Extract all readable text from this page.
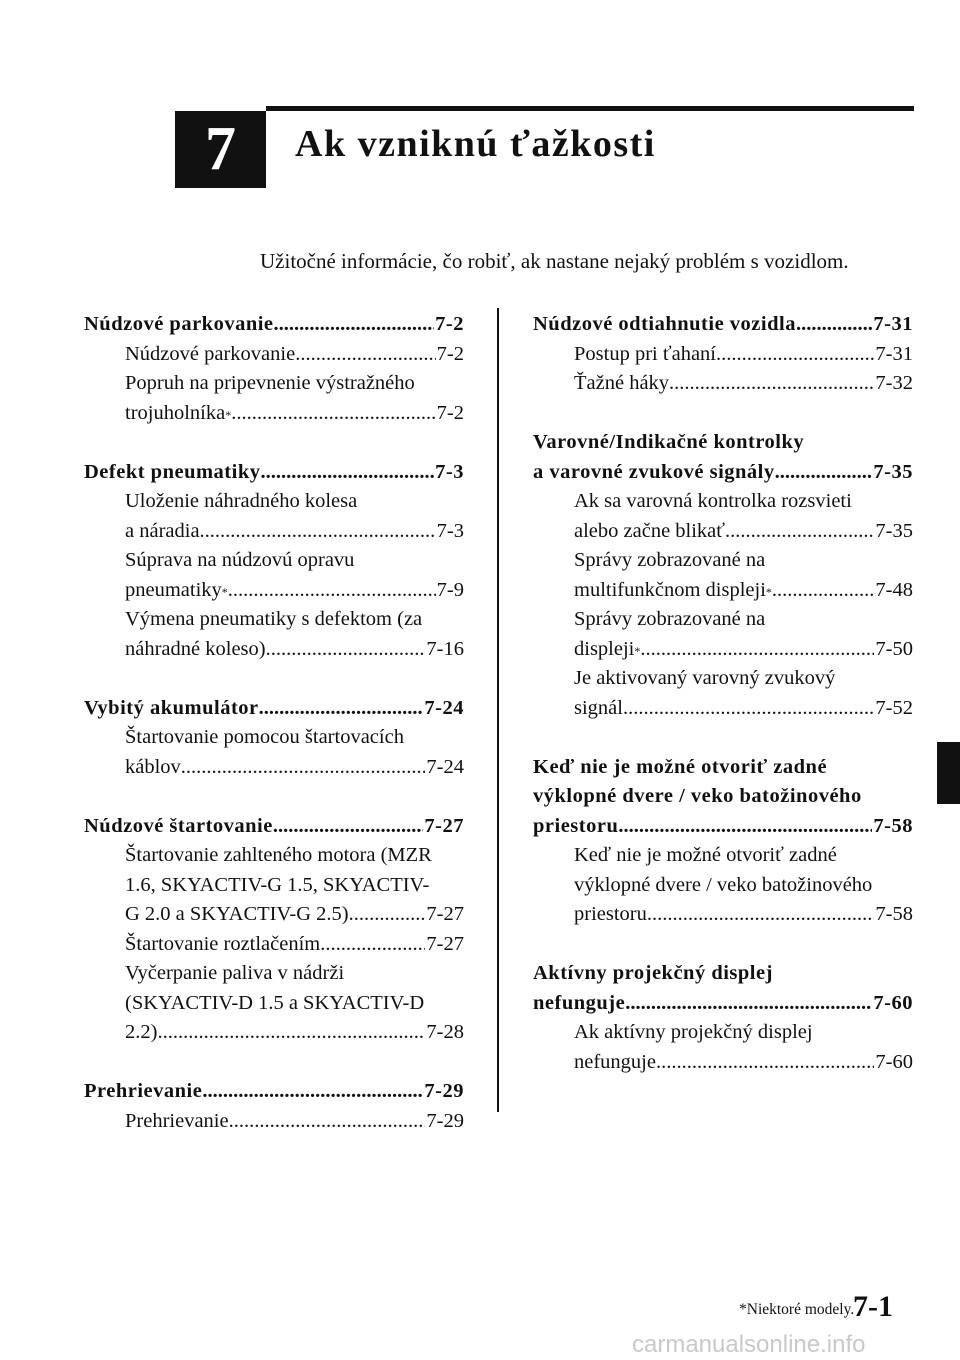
7	Ak vzniknú ťažkosti
Užitočné informácie, čo robiť, ak nastane nejaký problém s vozidlom.
Núdzové parkovanie .....	7-2
Núdzové parkovanie .....	7-2
Popruh na pripevnenie výstražného
trojuholníka * .....	7-2
Defekt pneumatiky .....	7-3
Uloženie náhradného kolesa
a náradia .....	7-3
Súprava na núdzovú opravu
pneumatiky * .....	7-9
Výmena pneumatiky s defektom (za
náhradné koleso) .....	7-16
Vybitý akumulátor .....	7-24
Štartovanie pomocou štartovacích
káblov .....	7-24
Núdzové štartovanie .....	7-27
Štartovanie zahlteného motora (MZR
1.6, SKYACTIV-G 1.5, SKYACTIV-
G 2.0 a SKYACTIV-G 2.5) .....	7-27
Štartovanie roztlačením .....	7-27
Vyčerpanie paliva v nádrži
(SKYACTIV-D 1.5 a SKYACTIV-D
2.2) .....	7-28
Prehrievanie .....	7-29
Prehrievanie .....	7-29
Núdzové odtiahnutie vozidla .....	7-31
Postup pri ťahaní .....	7-31
Ťažné háky .....	7-32
Varovné/Indikačné kontrolky
a varovné zvukové signály .....	7-35
Ak sa varovná kontrolka rozsvieti
alebo začne blikať .....	7-35
Správy zobrazované na
multifunkčnom displeji * .....	7-48
Správy zobrazované na
displeji * .....	7-50
Je aktivovaný varovný zvukový
signál .....	7-52
Keď nie je možné otvoriť zadné
výklopné dvere / veko batožinového
priestoru .....	7-58
Keď nie je možné otvoriť zadné
výklopné dvere / veko batožinového
priestoru .....	7-58
Aktívny projekčný displej
nefunguje .....	7-60
Ak aktívny projekčný displej
nefunguje .....	7-60
*Niektoré modely.
7-1
carmanualsonline.info
